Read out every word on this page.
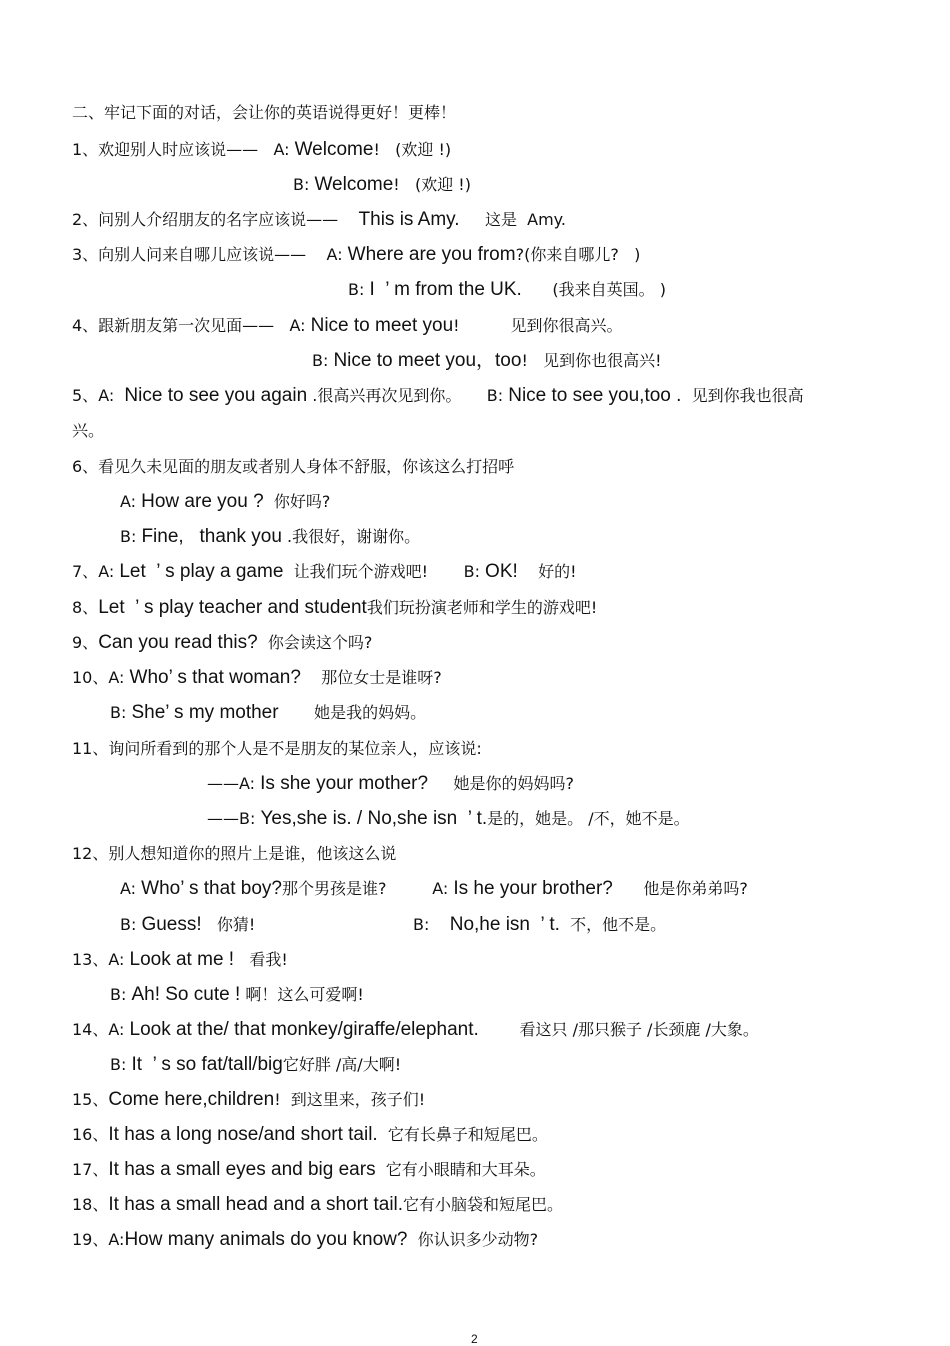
二、牢记下面的对话，会让你的英语说得更好！更棒！
1、欢迎别人时应该说——   A: Welcome!   (欢迎 !)
B: Welcome!   (欢迎 !)
2、问别人介绍朋友的名字应该说——    This is Amy.     这是  Amy.
3、向别人问来自哪儿应该说——    A: Where are you from?(你来自哪儿?   )
B: I  ’ m from the UK.      (我来自英国。 )
4、跟新朋友第一次见面——   A: Nice to meet you!          见到你很高兴。
B: Nice to meet you，too!   见到你也很高兴!
5、A:  Nice to see you again .很高兴再次见到你。     B: Nice to see you,too .  见到你我也很高
兴。
6、看见久未见面的朋友或者别人身体不舒服，你该这么打招呼
A: How are you ?  你好吗?
B: Fine,   thank you .我很好，谢谢你。
7、A: Let  ’ s play a game  让我们玩个游戏吧!       B: OK!    好的!
8、Let  ’ s play teacher and student我们玩扮演老师和学生的游戏吧!
9、Can you read this?  你会读这个吗?
10、A: Who’ s that woman?    那位女士是谁呀?
B: She’ s my mother       她是我的妈妈。
11、询问所看到的那个人是不是朋友的某位亲人，应该说:
——A: Is she your mother?     她是你的妈妈吗?
——B: Yes,she is. / No,she isn  ’ t.是的，她是。 /不，她不是。
12、别人想知道你的照片上是谁，他该这么说
A: Who’ s that boy?那个男孩是谁?         A: Is he your brother?      他是你弟弟吗?
B: Guess!   你猜!                               B:    No,he isn  ’ t.  不，他不是。
13、A: Look at me !   看我!
B: Ah! So cute ! 啊！这么可爱啊!
14、A: Look at the/ that monkey/giraffe/elephant.        看这只 /那只猴子 /长颈鹿 /大象。
B: It  ’ s so fat/tall/big它好胖 /高/大啊!
15、Come here,children!  到这里来，孩子们!
16、It has a long nose/and short tail.  它有长鼻子和短尾巴。
17、It has a small eyes and big ears  它有小眼睛和大耳朵。
18、It has a small head and a short tail.它有小脑袋和短尾巴。
19、A:How many animals do you know?  你认识多少动物?
2
